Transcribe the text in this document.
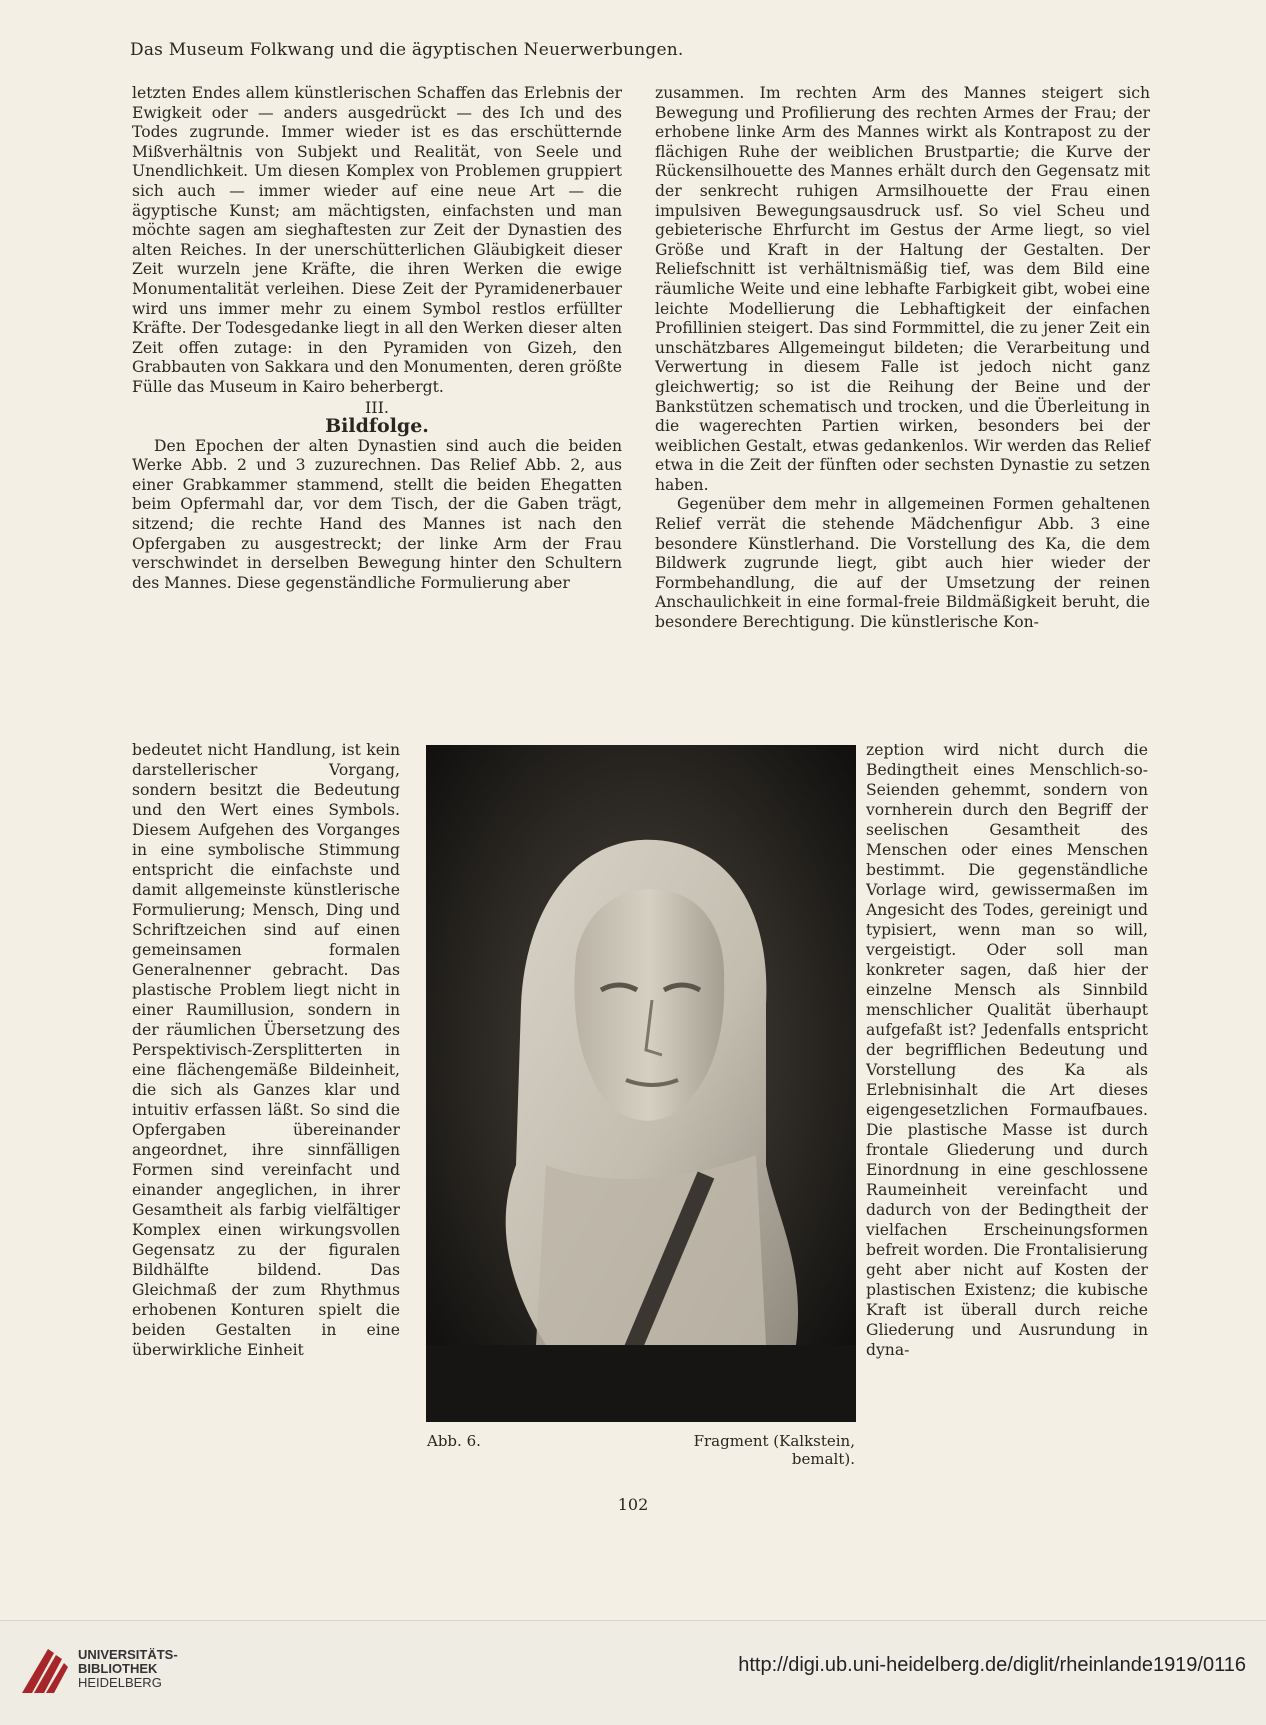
Das Museum Folkwang und die ägyptischen Neuerwerbungen.

letzten Endes allem künstlerischen Schaffen das Erlebnis der Ewigkeit oder — anders ausgedrückt — des Ich und des Todes zugrunde. Immer wieder ist es das erschütternde Mißverhältnis von Subjekt und Realität, von Seele und Unendlichkeit. Um diesen Komplex von Problemen gruppiert sich auch — immer wieder auf eine neue Art — die ägyptische Kunst; am mächtigsten, einfachsten und man möchte sagen am sieghaftesten zur Zeit der Dynastien des alten Reiches. In der unerschütterlichen Gläubigkeit dieser Zeit wurzeln jene Kräfte, die ihren Werken die ewige Monumentalität verleihen. Diese Zeit der Pyramidenerbauer wird uns immer mehr zu einem Symbol restlos erfüllter Kräfte. Der Todesgedanke liegt in all den Werken dieser alten Zeit offen zutage: in den Pyramiden von Gizeh, den Grabbauten von Sakkara und den Monumenten, deren größte Fülle das Museum in Kairo beherbergt.

III.

Bildfolge.

Den Epochen der alten Dynastien sind auch die beiden Werke Abb. 2 und 3 zuzurechnen. Das Relief Abb. 2, aus einer Grabkammer stammend, stellt die beiden Ehegatten beim Opfermahl dar, vor dem Tisch, der die Gaben trägt, sitzend; die rechte Hand des Mannes ist nach den Opfergaben zu ausgestreckt; der linke Arm der Frau verschwindet in derselben Bewegung hinter den Schultern des Mannes. Diese gegenständliche Formulierung aber

zusammen. Im rechten Arm des Mannes steigert sich Bewegung und Profilierung des rechten Armes der Frau; der erhobene linke Arm des Mannes wirkt als Kontrapost zu der flächigen Ruhe der weiblichen Brustpartie; die Kurve der Rückensilhouette des Mannes erhält durch den Gegensatz mit der senkrecht ruhigen Armsilhouette der Frau einen impulsiven Bewegungsausdruck usf. So viel Scheu und gebieterische Ehrfurcht im Gestus der Arme liegt, so viel Größe und Kraft in der Haltung der Gestalten. Der Reliefschnitt ist verhältnismäßig tief, was dem Bild eine räumliche Weite und eine lebhafte Farbigkeit gibt, wobei eine leichte Modellierung die Lebhaftigkeit der einfachen Profillinien steigert. Das sind Formmittel, die zu jener Zeit ein unschätzbares Allgemeingut bildeten; die Verarbeitung und Verwertung in diesem Falle ist jedoch nicht ganz gleichwertig; so ist die Reihung der Beine und der Bankstützen schematisch und trocken, und die Überleitung in die wagerechten Partien wirken, besonders bei der weiblichen Gestalt, etwas gedankenlos. Wir werden das Relief etwa in die Zeit der fünften oder sechsten Dynastie zu setzen haben.

Gegenüber dem mehr in allgemeinen Formen gehaltenen Relief verrät die stehende Mädchenfigur Abb. 3 eine besondere Künstlerhand. Die Vorstellung des Ka, die dem Bildwerk zugrunde liegt, gibt auch hier wieder der Formbehandlung, die auf der Umsetzung der reinen Anschaulichkeit in eine formal-freie Bildmäßigkeit beruht, die besondere Berechtigung. Die künstlerische Kon-

bedeutet nicht Handlung, ist kein darstellerischer Vorgang, sondern besitzt die Bedeutung und den Wert eines Symbols. Diesem Aufgehen des Vorganges in eine symbolische Stimmung entspricht die einfachste und damit allgemeinste künstlerische Formulierung; Mensch, Ding und Schriftzeichen sind auf einen gemeinsamen formalen Generalnenner gebracht. Das plastische Problem liegt nicht in einer Raumillusion, sondern in der räumlichen Übersetzung des Perspektivisch-Zersplitterten in eine flächengemäße Bildeinheit, die sich als Ganzes klar und intuitiv erfassen läßt. So sind die Opfergaben übereinander angeordnet, ihre sinnfälligen Formen sind vereinfacht und einander angeglichen, in ihrer Gesamtheit als farbig vielfältiger Komplex einen wirkungsvollen Gegensatz zu der figuralen Bildhälfte bildend. Das Gleichmaß der zum Rhythmus erhobenen Konturen spielt die beiden Gestalten in eine überwirkliche Einheit
zeption wird nicht durch die Bedingtheit eines Menschlich-so-Seienden gehemmt, sondern von vornherein durch den Begriff der seelischen Gesamtheit des Menschen oder eines Menschen bestimmt. Die gegenständliche Vorlage wird, gewissermaßen im Angesicht des Todes, gereinigt und typisiert, wenn man so will, vergeistigt. Oder soll man konkreter sagen, daß hier der einzelne Mensch als Sinnbild menschlicher Qualität überhaupt aufgefaßt ist? Jedenfalls entspricht der begrifflichen Bedeutung und Vorstellung des Ka als Erlebnisinhalt die Art dieses eigengesetzlichen Formaufbaues. Die plastische Masse ist durch frontale Gliederung und durch Einordnung in eine geschlossene Raumeinheit vereinfacht und dadurch von der Bedingtheit der vielfachen Erscheinungsformen befreit worden. Die Frontalisierung geht aber nicht auf Kosten der plastischen Existenz; die kubische Kraft ist überall durch reiche Gliederung und Ausrundung in dyna-
Abb. 6.	Fragment (Kalkstein, bemalt).
102
UNIVERSITÄTS-
BIBLIOTHEK
HEIDELBERG
http://digi.ub.uni-heidelberg.de/diglit/rheinlande1919/0116
